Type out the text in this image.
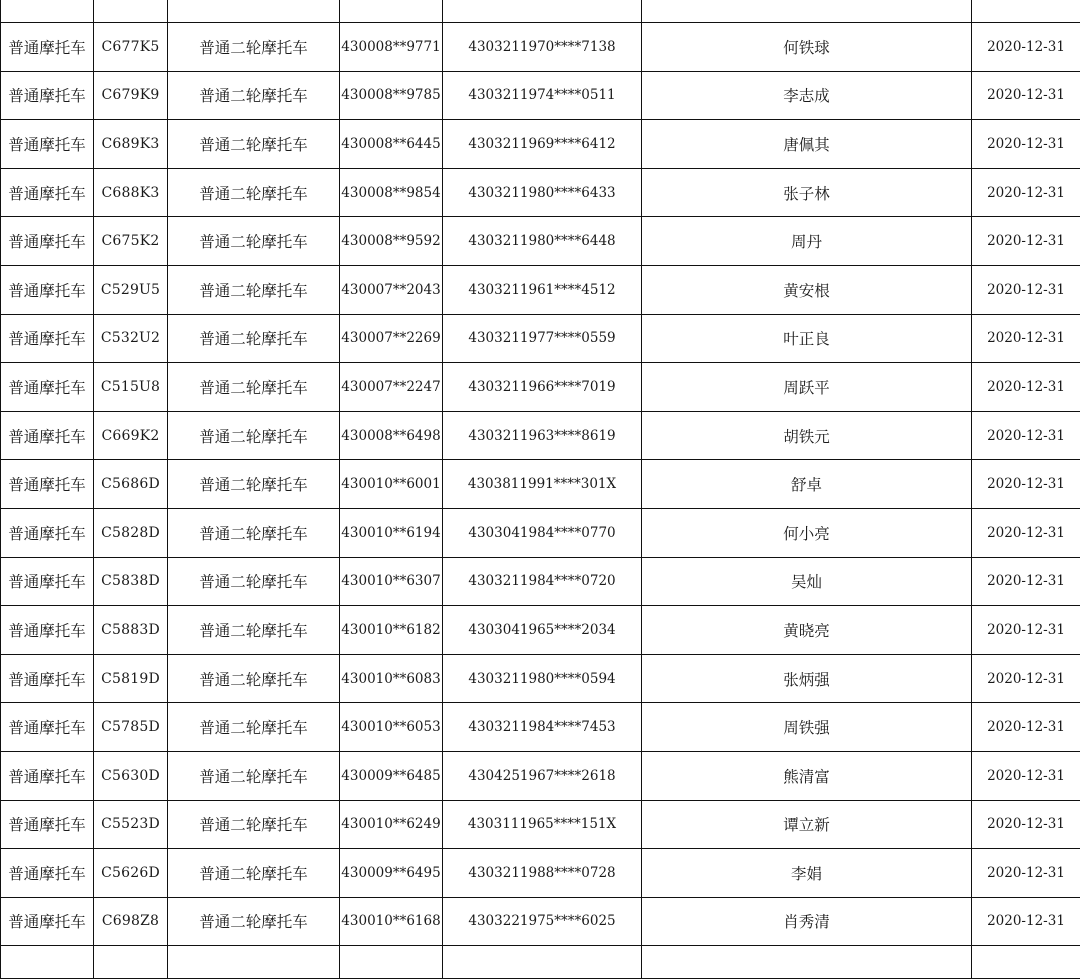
普通摩托车	C677K5	普通二轮摩托车	430008**9771	4303211970****7138	何铁球	2020-12-31
普通摩托车	C679K9	普通二轮摩托车	430008**9785	4303211974****0511	李志成	2020-12-31
普通摩托车	C689K3	普通二轮摩托车	430008**6445	4303211969****6412	唐佩其	2020-12-31
普通摩托车	C688K3	普通二轮摩托车	430008**9854	4303211980****6433	张子林	2020-12-31
普通摩托车	C675K2	普通二轮摩托车	430008**9592	4303211980****6448	周丹	2020-12-31
普通摩托车	C529U5	普通二轮摩托车	430007**2043	4303211961****4512	黄安根	2020-12-31
普通摩托车	C532U2	普通二轮摩托车	430007**2269	4303211977****0559	叶正良	2020-12-31
普通摩托车	C515U8	普通二轮摩托车	430007**2247	4303211966****7019	周跃平	2020-12-31
普通摩托车	C669K2	普通二轮摩托车	430008**6498	4303211963****8619	胡铁元	2020-12-31
普通摩托车	C5686D	普通二轮摩托车	430010**6001	4303811991****301X	舒卓	2020-12-31
普通摩托车	C5828D	普通二轮摩托车	430010**6194	4303041984****0770	何小亮	2020-12-31
普通摩托车	C5838D	普通二轮摩托车	430010**6307	4303211984****0720	吴灿	2020-12-31
普通摩托车	C5883D	普通二轮摩托车	430010**6182	4303041965****2034	黄晓亮	2020-12-31
普通摩托车	C5819D	普通二轮摩托车	430010**6083	4303211980****0594	张炳强	2020-12-31
普通摩托车	C5785D	普通二轮摩托车	430010**6053	4303211984****7453	周铁强	2020-12-31
普通摩托车	C5630D	普通二轮摩托车	430009**6485	4304251967****2618	熊清富	2020-12-31
普通摩托车	C5523D	普通二轮摩托车	430010**6249	4303111965****151X	谭立新	2020-12-31
普通摩托车	C5626D	普通二轮摩托车	430009**6495	4303211988****0728	李娟	2020-12-31
普通摩托车	C698Z8	普通二轮摩托车	430010**6168	4303221975****6025	肖秀清	2020-12-31
